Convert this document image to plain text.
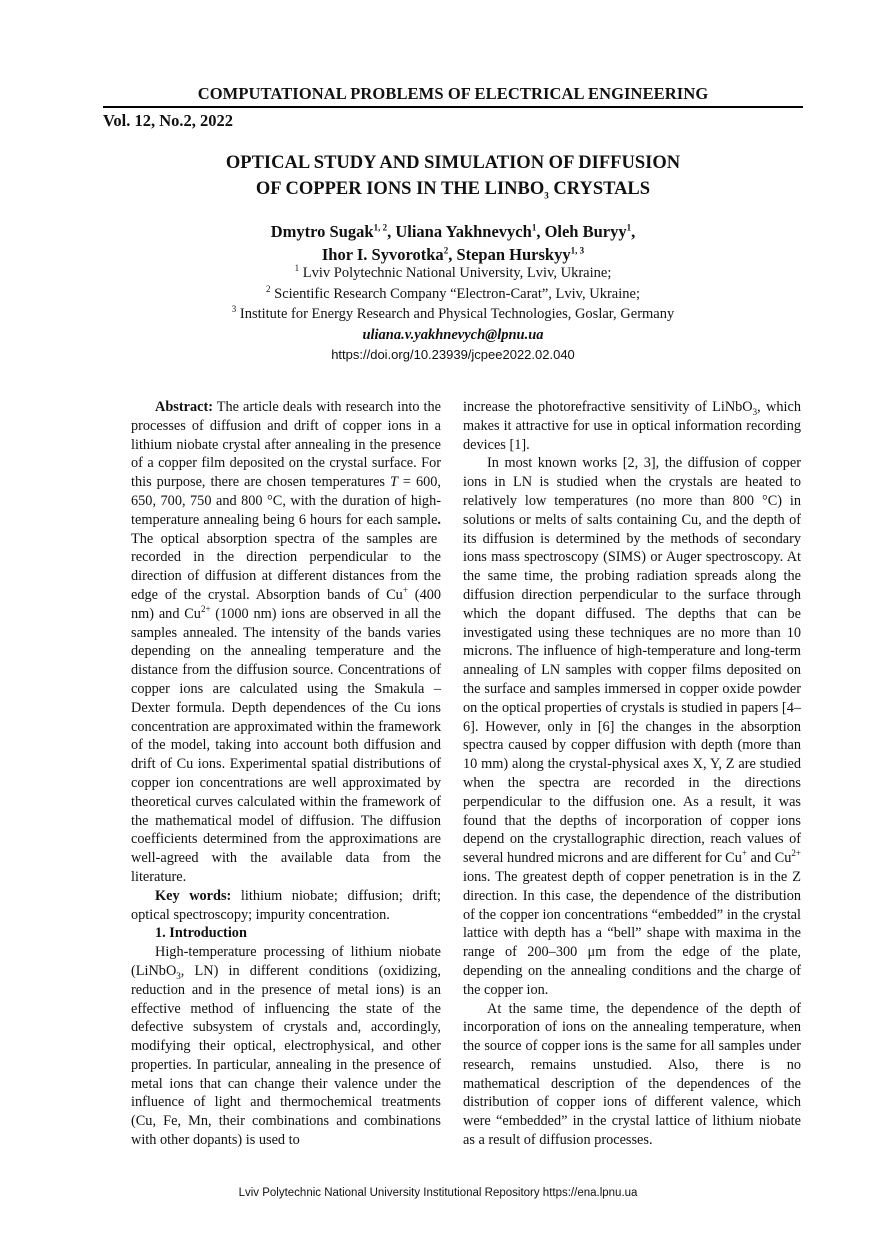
COMPUTATIONAL PROBLEMS OF ELECTRICAL ENGINEERING
Vol. 12, No.2, 2022
OPTICAL STUDY AND SIMULATION OF DIFFUSION
OF COPPER IONS IN THE $LINBO_3$ CRYSTALS
Dmytro Sugak$^{1, 2}$, Uliana Yakhnevych$^1$, Oleh Buryy$^1$,
Ihor I. Syvorotka$^2$, Stepan Hurskyy$^{1, 3}$
$^1$ Lviv Polytechnic National University, Lviv, Ukraine;
$^2$ Scientific Research Company “Electron-Carat”, Lviv, Ukraine;
$^3$ Institute for Energy Research and Physical Technologies, Goslar, Germany
uliana.v.yakhnevych@lpnu.ua
https://doi.org/10.23939/jcpee2022.02.040

Abstract: The article deals with research into the processes of diffusion and drift of copper ions in a lithium niobate crystal after annealing in the presence of a copper film deposited on the crystal surface. For this purpose, there are chosen temperatures T = 600, 650, 700, 750 and 800 °C, with the duration of high-temperature annealing being 6 hours for each sample. The optical absorption spectra of the samples are recorded in the direction perpendicular to the direction of diffusion at different distances from the edge of the crystal. Absorption bands of Cu+ (400 nm) and $Cu^{2+}$ (1000 nm) ions are observed in all the samples annealed. The intensity of the bands varies depending on the annealing temperature and the distance from the diffusion source. Concentrations of copper ions are calculated using the Smakula – Dexter formula. Depth dependences of the Cu ions concentration are approximated within the framework of the model, taking into account both diffusion and drift of Cu ions. Experimental spatial distributions of copper ion concentrations are well approximated by theoretical curves calculated within the framework of the mathematical model of diffusion. The diffusion coefficients determined from the approximations are well-agreed with the available data from the literature.

Key words: lithium niobate; diffusion; drift; optical spectroscopy; impurity concentration.

1. Introduction

High-temperature processing of lithium niobate (LiNbO$_3$, LN) in different conditions (oxidizing, reduction and in the presence of metal ions) is an effective method of influencing the state of the defective subsystem of crystals and, accordingly, modifying their optical, electrophysical, and other properties. In particular, annealing in the presence of metal ions that can change their valence under the influence of light and thermochemical treatments (Cu, Fe, Mn, their combinations and combinations with other dopants) is used to

increase the photorefractive sensitivity of LiNbO$_3$, which makes it attractive for use in optical information recording devices [1].

In most known works [2, 3], the diffusion of copper ions in LN is studied when the crystals are heated to relatively low temperatures (no more than 800 °C) in solutions or melts of salts containing Cu, and the depth of its diffusion is determined by the methods of secondary ions mass spectroscopy (SIMS) or Auger spectroscopy. At the same time, the probing radiation spreads along the diffusion direction perpendicular to the surface through which the dopant diffused. The depths that can be investigated using these techniques are no more than 10 microns. The influence of high-temperature and long-term annealing of LN samples with copper films deposited on the surface and samples immersed in copper oxide powder on the optical properties of crystals is studied in papers [4–6]. However, only in [6] the changes in the absorption spectra caused by copper diffusion with depth (more than 10 mm) along the crystal-physical axes X, Y, Z are studied when the spectra are recorded in the directions perpendicular to the diffusion one. As a result, it was found that the depths of incorporation of copper ions depend on the crystallographic direction, reach values of several hundred microns and are different for Cu+ and $Cu^{2+}$ ions. The greatest depth of copper penetration is in the Z direction. In this case, the dependence of the distribution of the copper ion concentrations “embedded” in the crystal lattice with depth has a “bell” shape with maxima in the range of 200–300 μm from the edge of the plate, depending on the annealing conditions and the charge of the copper ion.

At the same time, the dependence of the depth of incorporation of ions on the annealing temperature, when the source of copper ions is the same for all samples under research, remains unstudied. Also, there is no mathematical description of the dependences of the distribution of copper ions of different valence, which were “embedded” in the crystal lattice of lithium niobate as a result of diffusion processes.

Lviv Polytechnic National University Institutional Repository https://ena.lpnu.ua
